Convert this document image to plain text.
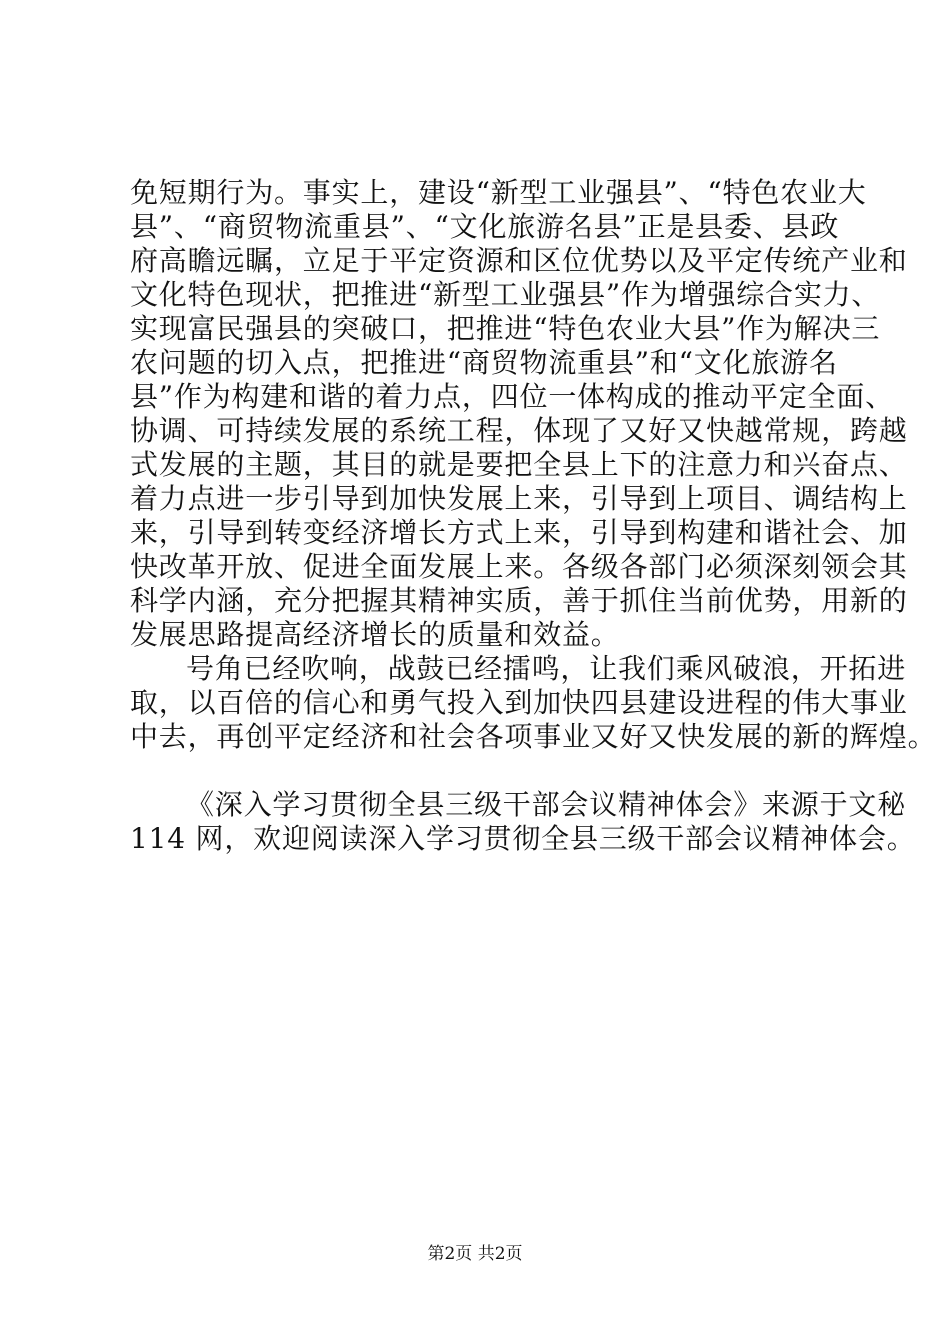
免短期行为。事实上，建设“新型工业强县”、“特色农业大
县”、“商贸物流重县”、“文化旅游名县”正是县委、县政
府高瞻远瞩，立足于平定资源和区位优势以及平定传统产业和
文化特色现状，把推进“新型工业强县”作为增强综合实力、
实现富民强县的突破口，把推进“特色农业大县”作为解决三
农问题的切入点，把推进“商贸物流重县”和“文化旅游名
县”作为构建和谐的着力点，四位一体构成的推动平定全面、
协调、可持续发展的系统工程，体现了又好又快越常规，跨越
式发展的主题，其目的就是要把全县上下的注意力和兴奋点、
着力点进一步引导到加快发展上来，引导到上项目、调结构上
来，引导到转变经济增长方式上来，引导到构建和谐社会、加
快改革开放、促进全面发展上来。各级各部门必须深刻领会其
科学内涵，充分把握其精神实质，善于抓住当前优势，用新的
发展思路提高经济增长的质量和效益。
号角已经吹响，战鼓已经擂鸣，让我们乘风破浪，开拓进
取，以百倍的信心和勇气投入到加快四县建设进程的伟大事业
中去，再创平定经济和社会各项事业又好又快发展的新的辉煌。
《深入学习贯彻全县三级干部会议精神体会》来源于文秘
114 网，欢迎阅读深入学习贯彻全县三级干部会议精神体会。
第2页 共2页
